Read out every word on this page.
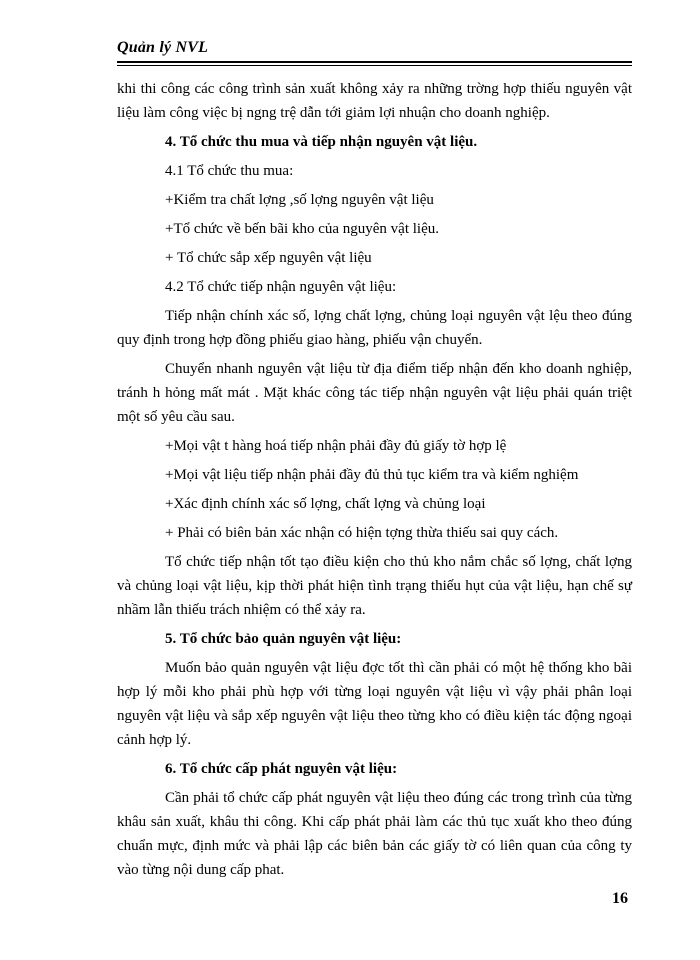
Quản lý NVL

khi thi công các công trình sản xuất không xảy ra những trờng hợp thiếu nguyên vật liệu làm công việc bị ngng trệ dẫn tới giảm lợi nhuận cho doanh nghiệp.

4. Tổ chức thu mua và tiếp nhận nguyên vật liệu.

4.1 Tổ chức thu mua:

+Kiểm tra chất lợng ,số lợng nguyên vật liệu

+Tổ chức về bến bãi kho của nguyên vật liệu.

+ Tổ chức sắp xếp nguyên vật liệu

4.2 Tổ chức tiếp nhận nguyên vật liệu:

Tiếp nhận chính xác số, lợng chất lợng, chủng loại nguyên vật lệu theo đúng quy định trong hợp đồng phiếu giao hàng, phiếu vận chuyển.

Chuyển nhanh nguyên vật liệu từ địa điểm tiếp nhận đến kho doanh nghiệp, tránh h hỏng mất mát . Mặt khác công tác tiếp nhận nguyên vật liệu phải quán triệt một số yêu cầu sau.

+Mọi vật t hàng hoá tiếp nhận phải đầy đủ giấy tờ hợp lệ

+Mọi vật liệu tiếp nhận phải đầy đủ thủ tục kiểm tra và kiểm nghiệm

+Xác định chính xác số lợng, chất lợng và chủng loại

+ Phải có biên bản xác nhận có hiện tợng thừa thiếu sai quy cách.

Tổ chức tiếp nhận tốt tạo điều kiện cho thủ kho nắm chắc số lợng, chất lợng và chủng loại vật liệu, kịp thời phát hiện tình trạng thiếu hụt của vật liệu, hạn chế sự nhầm lẫn thiếu trách nhiệm có thể xảy ra.

5. Tổ chức bảo quản nguyên vật liệu:

Muốn bảo quản nguyên vật liệu đợc tốt thì cần phải có một hệ thống kho bãi hợp lý mỗi kho phải phù hợp với từng loại nguyên vật liệu vì vậy phải phân loại nguyên vật liệu và sắp xếp nguyên vật liệu theo từng kho có điều kiện tác động ngoại cảnh hợp lý.

6. Tổ chức cấp phát nguyên vật liệu:

Cần phải tổ chức cấp phát nguyên vật liệu theo đúng các trong trình của từng khâu sản xuất, khâu thi công. Khi cấp phát phải làm các thủ tục xuất kho theo đúng chuẩn mực, định mức và phải lập các biên bản các giấy tờ có liên quan của công ty vào từng nội dung cấp phat.

16
